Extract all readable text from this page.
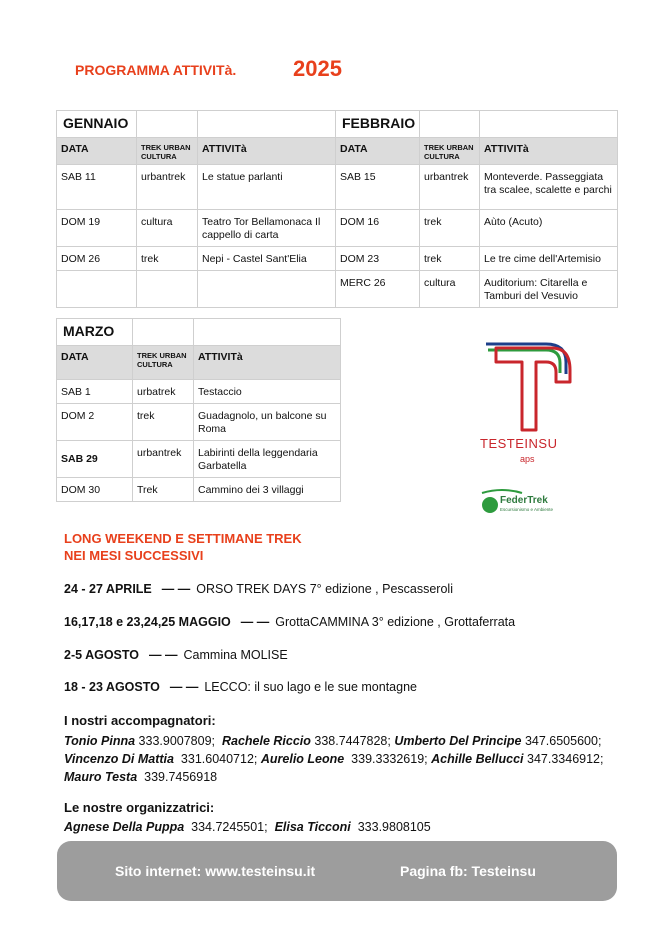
PROGRAMMA ATTIVITà.	2025
GENNAIO			FEBBRAIO		
DATA	TREK URBAN CULTURA	ATTIVITà	DATA	TREK URBAN CULTURA	ATTIVITà
SAB 11	urbantrek	Le statue parlanti	SAB 15	urbantrek	Monteverde. Passeggiata tra scalee, scalette e parchi
DOM 19	cultura	Teatro Tor Bellamonaca Il cappello di carta	DOM 16	trek	Aùto (Acuto)
DOM 26	trek	Nepi - Castel Sant'Elia	DOM 23	trek	Le tre cime dell'Artemisio
			MERC 26	cultura	Auditorium: Citarella e Tamburi del Vesuvio
MARZO		
DATA	TREK URBAN CULTURA	ATTIVITà
SAB 1	urbatrek	Testaccio
DOM 2	trek	Guadagnolo, un balcone su Roma
SAB 29	urbantrek	Labirinti della leggendaria Garbatella
DOM 30	Trek	Cammino dei 3 villaggi
TESTEINSU
aps
FederTrek
Escursionismo e Ambiente
LONG WEEKEND E SETTIMANE TREK
NEI MESI SUCCESSIVI
24 - 27 APRILE — — ORSO TREK DAYS 7° edizione , Pescasseroli
16,17,18 e 23,24,25 MAGGIO — — GrottaCAMMINA 3° edizione , Grottaferrata
2-5 AGOSTO — — Cammina MOLISE
18 - 23 AGOSTO — — LECCO: il suo lago e le sue montagne
I nostri accompagnatori:
Tonio Pinna 333.9007809; Rachele Riccio 338.7447828; Umberto Del Principe 347.6505600; Vincenzo Di Mattia 331.6040712; Aurelio Leone 339.3332619; Achille Bellucci 347.3346912; Mauro Testa 339.7456918
Le nostre organizzatrici:
Agnese Della Puppa 334.7245501; Elisa Ticconi 333.9808105
Sito internet: www.testeinsu.it	Pagina fb: Testeinsu
